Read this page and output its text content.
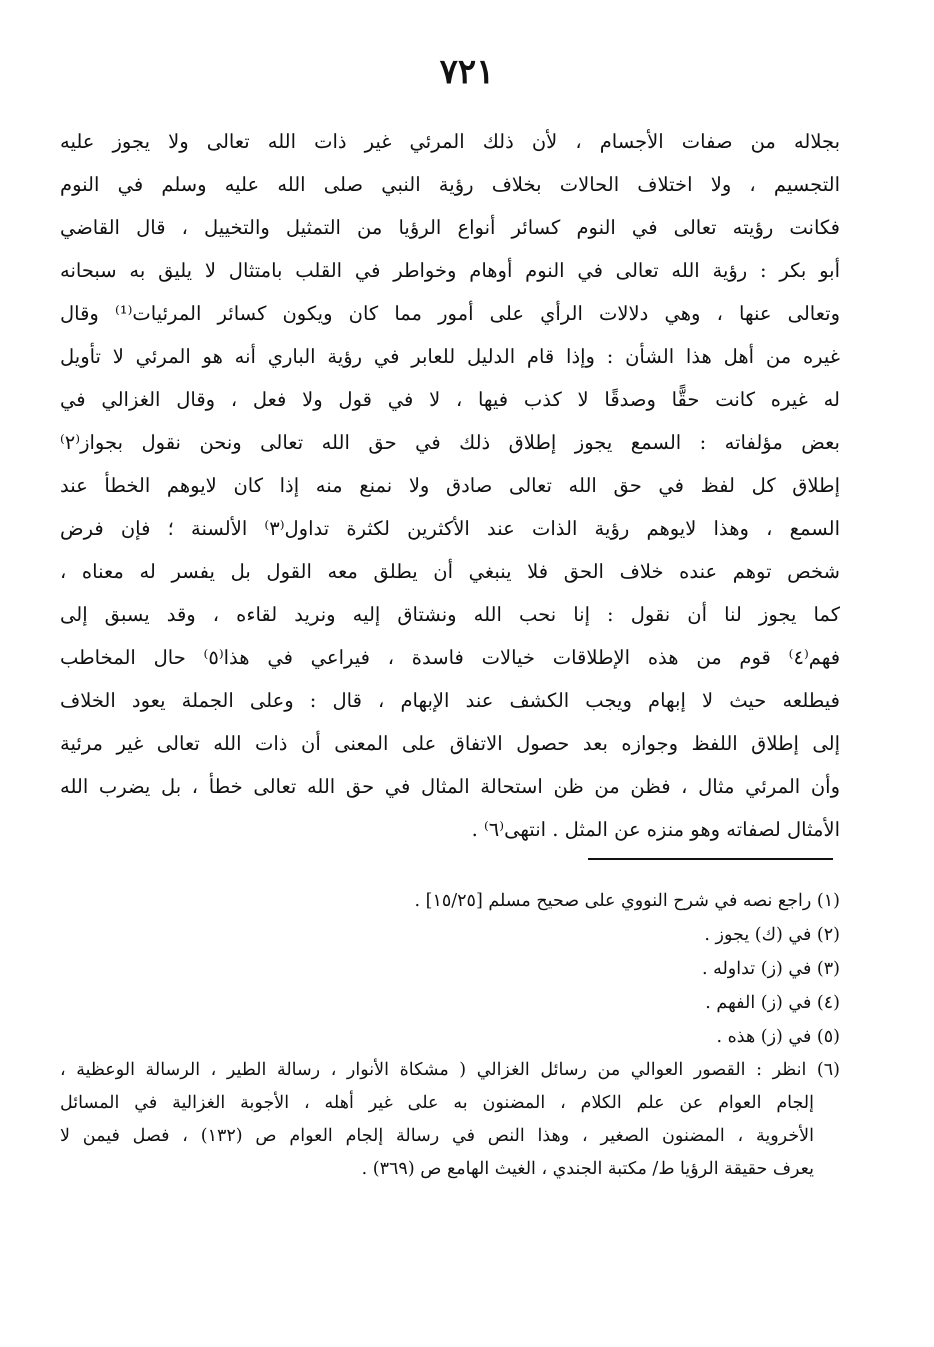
٧٢١
بجلاله من صفات الأجسام ، لأن ذلك المرئي غير ذات الله تعالى ولا يجوز عليه
التجسيم ، ولا اختلاف الحالات بخلاف رؤية النبي صلى الله عليه وسلم في النوم
فكانت رؤيته تعالى في النوم كسائر أنواع الرؤيا من التمثيل والتخييل ، قال القاضي
أبو بكر : رؤية الله تعالى في النوم أوهام وخواطر في القلب بامتثال لا يليق به سبحانه
وتعالى عنها ، وهي دلالات الرأي على أمور مما كان ويكون كسائر المرئيات⁽¹⁾ وقال
غيره من أهل هذا الشأن : وإذا قام الدليل للعابر في رؤية الباري أنه هو المرئي لا تأويل
له غيره كانت حقًّا وصدقًا لا كذب فيها ، لا في قول ولا فعل ، وقال الغزالي في
بعض مؤلفاته : السمع يجوز إطلاق ذلك في حق الله تعالى ونحن نقول بجواز⁽٢⁾
إطلاق كل لفظ في حق الله تعالى صادق ولا نمنع منه إذا كان لايوهم الخطأ عند
السمع ، وهذا لايوهم رؤية الذات عند الأكثرين لكثرة تداول⁽٣⁾ الألسنة ؛ فإن فرض
شخص توهم عنده خلاف الحق فلا ينبغي أن يطلق معه القول بل يفسر له معناه ،
كما يجوز لنا أن نقول : إنا نحب الله ونشتاق إليه ونريد لقاءه ، وقد يسبق إلى
فهم⁽٤⁾ قوم من هذه الإطلاقات خيالات فاسدة ، فيراعي في هذا⁽٥⁾ حال المخاطب
فيطلعه حيث لا إبهام ويجب الكشف عند الإبهام ، قال : وعلى الجملة يعود الخلاف
إلى إطلاق اللفظ وجوازه بعد حصول الاتفاق على المعنى أن ذات الله تعالى غير مرئية
وأن المرئي مثال ، فظن من ظن استحالة المثال في حق الله تعالى خطأ ، بل يضرب الله
الأمثال لصفاته وهو منزه عن المثل . انتهى⁽٦⁾ .
(١) راجع نصه في شرح النووي على صحيح مسلم [١٥/٢٥] .
(٢) في (ك) يجوز .
(٣) في (ز) تداوله .
(٤) في (ز) الفهم .
(٥) في (ز) هذه .
(٦) انظر : القصور العوالي من رسائل الغزالي ( مشكاة الأنوار ، رسالة الطير ، الرسالة الوعظية ،
إلجام العوام عن علم الكلام ، المضنون به على غير أهله ، الأجوبة الغزالية في المسائل
الأخروية ، المضنون الصغير ، وهذا النص في رسالة إلجام العوام ص (١٣٢) ، فصل فيمن لا
يعرف حقيقة الرؤيا ط/ مكتبة الجندي ، الغيث الهامع ص (٣٦٩) .
